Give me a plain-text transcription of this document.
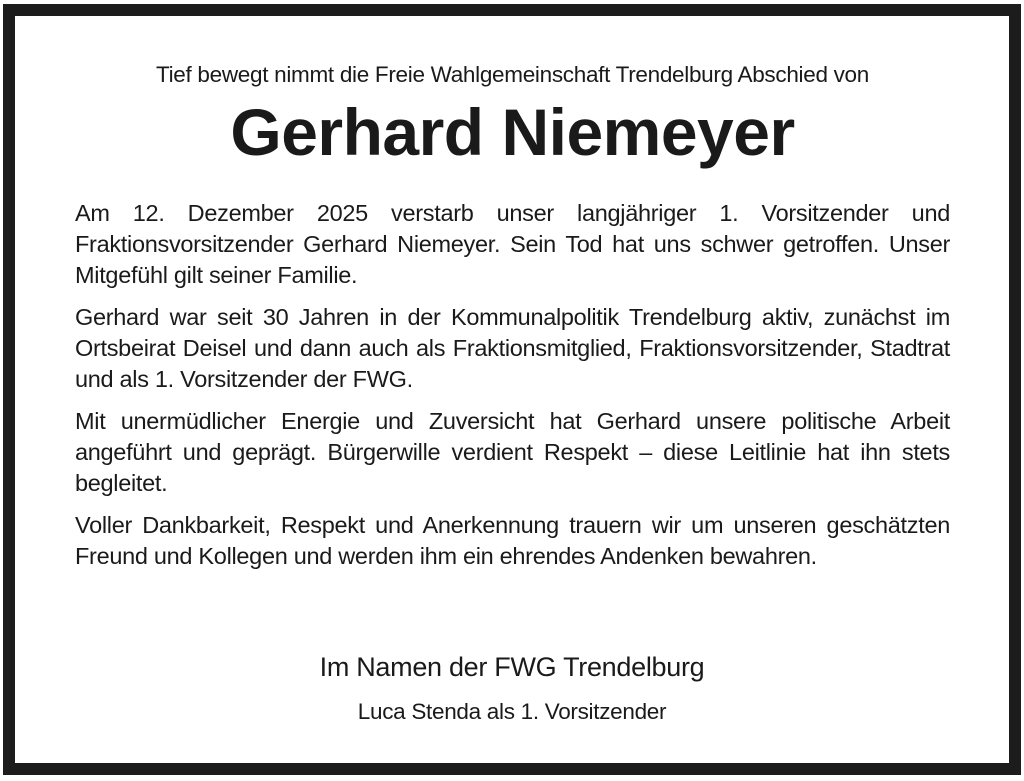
Tief bewegt nimmt die Freie Wahlgemeinschaft Trendelburg Abschied von
Gerhard Niemeyer

Am 12. Dezember 2025 verstarb unser langjähriger 1. Vorsitzender und Fraktionsvorsitzender Gerhard Niemeyer. Sein Tod hat uns schwer getroffen. Unser Mitgefühl gilt seiner Familie.

Gerhard war seit 30 Jahren in der Kommunalpolitik Trendelburg aktiv, zunächst im Ortsbeirat Deisel und dann auch als Fraktionsmitglied, Fraktionsvorsitzender, Stadtrat und als 1. Vorsitzender der FWG.

Mit unermüdlicher Energie und Zuversicht hat Gerhard unsere politische Arbeit angeführt und geprägt. Bürgerwille verdient Respekt – diese Leitlinie hat ihn stets begleitet.

Voller Dankbarkeit, Respekt und Anerkennung trauern wir um unseren geschätzten Freund und Kollegen und werden ihm ein ehrendes Andenken bewahren.

Im Namen der FWG Trendelburg
Luca Stenda als 1. Vorsitzender
